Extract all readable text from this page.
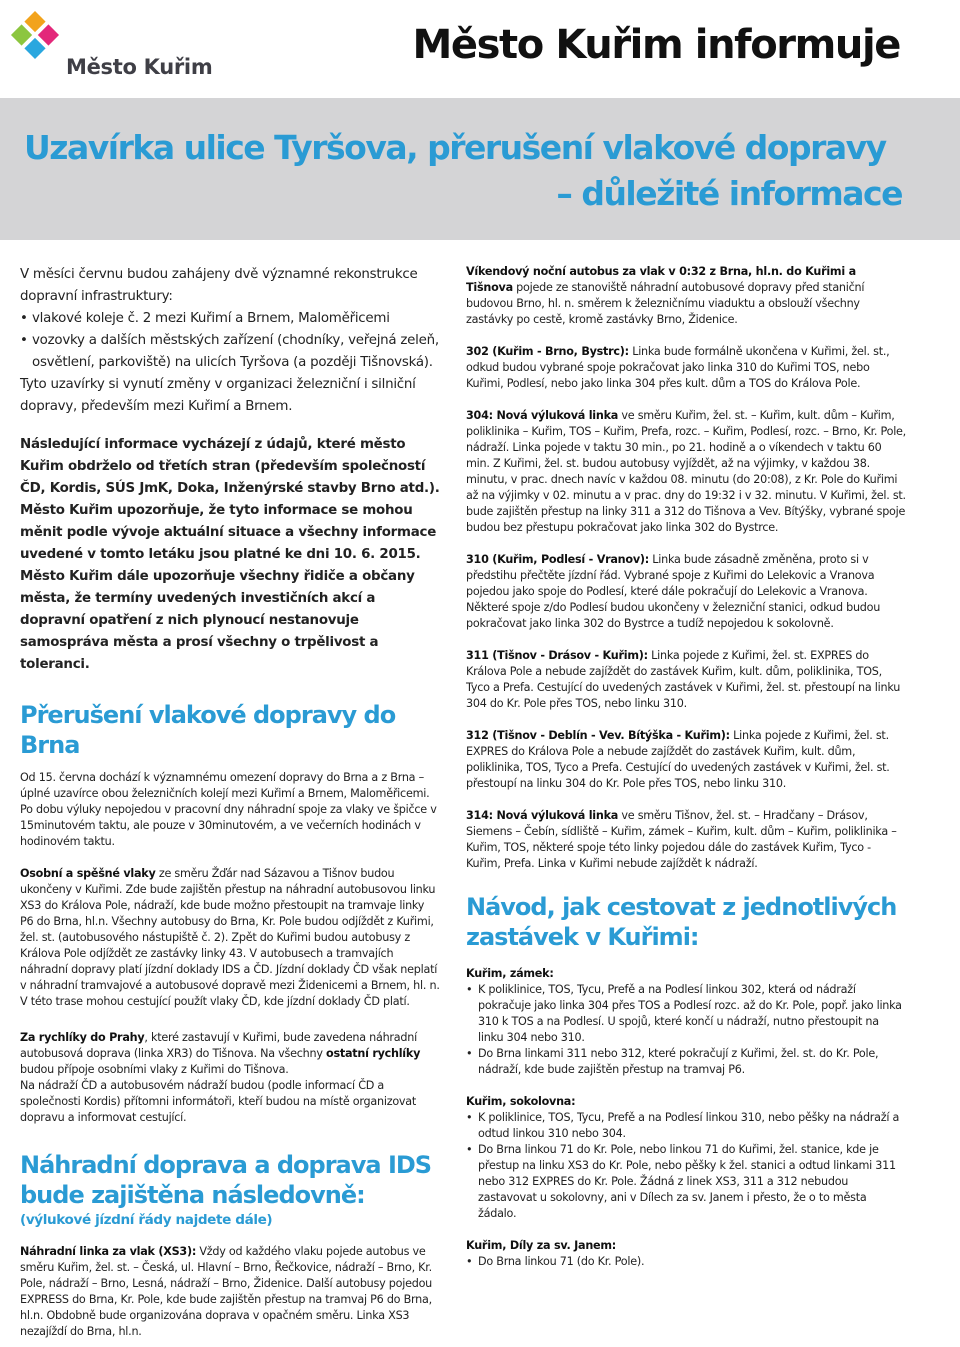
Město Kuřim	Město Kuřim informuje
Uzavírka ulice Tyršova, přerušení vlakové dopravy
– důležité informace

V měsíci červnu budou zahájeny dvě významné rekonstrukce dopravní infrastruktury:

• vlakové koleje č. 2 mezi Kuřimí a Brnem, Maloměřicemi
• vozovky a dalších městských zařízení (chodníky, veřejná zeleň, osvětlení, parkoviště) na ulicích Tyršova (a později Tišnovská).

Tyto uzavírky si vynutí změny v organizaci železniční i silniční dopravy, především mezi Kuřimí a Brnem.

Následující informace vycházejí z údajů, které město Kuřim obdrželo od třetích stran (především společností ČD, Kordis, SÚS JmK, Doka, Inženýrské stavby Brno atd.). Město Kuřim upozorňuje, že tyto informace se mohou měnit podle vývoje aktuální situace a všechny informace uvedené v tomto letáku jsou platné ke dni 10. 6. 2015. Město Kuřim dále upozorňuje všechny řidiče a občany města, že termíny uvedených investičních akcí a dopravní opatření z nich plynoucí nestanovuje samospráva města a prosí všechny o trpělivost a toleranci.

Přerušení vlakové dopravy do Brna

Od 15. června dochází k významnému omezení dopravy do Brna a z Brna – úplné uzavírce obou železničních kolejí mezi Kuřimí a Brnem, Maloměřicemi. Po dobu výluky nepojedou v pracovní dny náhradní spoje za vlaky ve špičce v 15minutovém taktu, ale pouze v 30minutovém, a ve večerních hodinách v hodinovém taktu.

Osobní a spěšné vlaky ze směru Žďár nad Sázavou a Tišnov budou ukončeny v Kuřimi. Zde bude zajištěn přestup na náhradní autobusovou linku XS3 do Králova Pole, nádraží, kde bude možno přestoupit na tramvaje linky P6 do Brna, hl.n. Všechny autobusy do Brna, Kr. Pole budou odjíždět z Kuřimi, žel. st. (autobusového nástupiště č. 2). Zpět do Kuřimi budou autobusy z Králova Pole odjíždět ze zastávky linky 43. V autobusech a tramvajích náhradní dopravy platí jízdní doklady IDS a ČD. Jízdní doklady ČD však neplatí v náhradní tramvajové a autobusové dopravě mezi Židenicemi a Brnem, hl. n. V této trase mohou cestující použít vlaky ČD, kde jízdní doklady ČD platí.

Za rychlíky do Prahy, které zastavují v Kuřimi, bude zavedena náhradní autobusová doprava (linka XR3) do Tišnova. Na všechny ostatní rychlíky budou přípoje osobními vlaky z Kuřimi do Tišnova.

Na nádraží ČD a autobusovém nádraží budou (podle informací ČD a společnosti Kordis) přítomni informátoři, kteří budou na místě organizovat dopravu a informovat cestující.

Náhradní doprava a doprava IDS
bude zajištěna následovně:
(výlukové jízdní řády najdete dále)

Náhradní linka za vlak (XS3): Vždy od každého vlaku pojede autobus ve směru Kuřim, žel. st. – Česká, ul. Hlavní – Brno, Řečkovice, nádraží – Brno, Kr. Pole, nádraží – Brno, Lesná, nádraží – Brno, Židenice. Další autobusy pojedou EXPRESS do Brna, Kr. Pole, kde bude zajištěn přestup na tramvaj P6 do Brna, hl.n. Obdobně bude organizována doprava v opačném směru. Linka XS3 nezajíždí do Brna, hl.n.

Víkendový noční autobus za vlak v 0:32 z Brna, hl.n. do Kuřimi a Tišnova pojede ze stanoviště náhradní autobusové dopravy před staniční budovou Brno, hl. n. směrem k železničnímu viaduktu a obslouží všechny zastávky po cestě, kromě zastávky Brno, Židenice.

302 (Kuřim - Brno, Bystrc): Linka bude formálně ukončena v Kuřimi, žel. st., odkud budou vybrané spoje pokračovat jako linka 310 do Kuřimi TOS, nebo Kuřimi, Podlesí, nebo jako linka 304 přes kult. dům a TOS do Králova Pole.

304: Nová výluková linka ve směru Kuřim, žel. st. – Kuřim, kult. dům – Kuřim, poliklinika – Kuřim, TOS – Kuřim, Prefa, rozc. – Kuřim, Podlesí, rozc. – Brno, Kr. Pole, nádraží. Linka pojede v taktu 30 min., po 21. hodině a o víkendech v taktu 60 min. Z Kuřimi, žel. st. budou autobusy vyjíždět, až na výjimky, v každou 38. minutu, v prac. dnech navíc v každou 08. minutu (do 20:08), z Kr. Pole do Kuřimi až na výjimky v 02. minutu a v prac. dny do 19:32 i v 32. minutu. V Kuřimi, žel. st. bude zajištěn přestup na linky 311 a 312 do Tišnova a Vev. Bítýšky, vybrané spoje budou bez přestupu pokračovat jako linka 302 do Bystrce.

310 (Kuřim, Podlesí - Vranov): Linka bude zásadně změněna, proto si v předstihu přečtěte jízdní řád. Vybrané spoje z Kuřimi do Lelekovic a Vranova pojedou jako spoje do Podlesí, které dále pokračují do Lelekovic a Vranova. Některé spoje z/do Podlesí budou ukončeny v železniční stanici, odkud budou pokračovat jako linka 302 do Bystrce a tudíž nepojedou k sokolovně.

311 (Tišnov - Drásov - Kuřim): Linka pojede z Kuřimi, žel. st. EXPRES do Králova Pole a nebude zajíždět do zastávek Kuřim, kult. dům, poliklinika, TOS, Tyco a Prefa. Cestující do uvedených zastávek v Kuřimi, žel. st. přestoupí na linku 304 do Kr. Pole přes TOS, nebo linku 310.

312 (Tišnov - Deblín - Vev. Bítýška - Kuřim): Linka pojede z Kuřimi, žel. st. EXPRES do Králova Pole a nebude zajíždět do zastávek Kuřim, kult. dům, poliklinika, TOS, Tyco a Prefa. Cestující do uvedených zastávek v Kuřimi, žel. st. přestoupí na linku 304 do Kr. Pole přes TOS, nebo linku 310.

314: Nová výluková linka ve směru Tišnov, žel. st. – Hradčany – Drásov, Siemens – Čebín, sídliště – Kuřim, zámek – Kuřim, kult. dům – Kuřim, poliklinika – Kuřim, TOS, některé spoje této linky pojedou dále do zastávek Kuřim, Tyco - Kuřim, Prefa. Linka v Kuřimi nebude zajíždět k nádraží.

Návod, jak cestovat z jednotlivých
zastávek v Kuřimi:

Kuřim, zámek:

• K poliklinice, TOS, Tycu, Prefě a na Podlesí linkou 302, která od nádraží pokračuje jako linka 304 přes TOS a Podlesí rozc. až do Kr. Pole, popř. jako linka 310 k TOS a na Podlesí. U spojů, které končí u nádraží, nutno přestoupit na linku 304 nebo 310.
• Do Brna linkami 311 nebo 312, které pokračují z Kuřimi, žel. st. do Kr. Pole, nádraží, kde bude zajištěn přestup na tramvaj P6.

Kuřim, sokolovna:

• K poliklinice, TOS, Tycu, Prefě a na Podlesí linkou 310, nebo pěšky na nádraží a odtud linkou 310 nebo 304.
• Do Brna linkou 71 do Kr. Pole, nebo linkou 71 do Kuřimi, žel. stanice, kde je přestup na linku XS3 do Kr. Pole, nebo pěšky k žel. stanici a odtud linkami 311 nebo 312 EXPRES do Kr. Pole. Žádná z linek XS3, 311 a 312 nebudou zastavovat u sokolovny, ani v Dílech za sv. Janem i přesto, že o to města žádalo.

Kuřim, Díly za sv. Janem:

• Do Brna linkou 71 (do Kr. Pole).
